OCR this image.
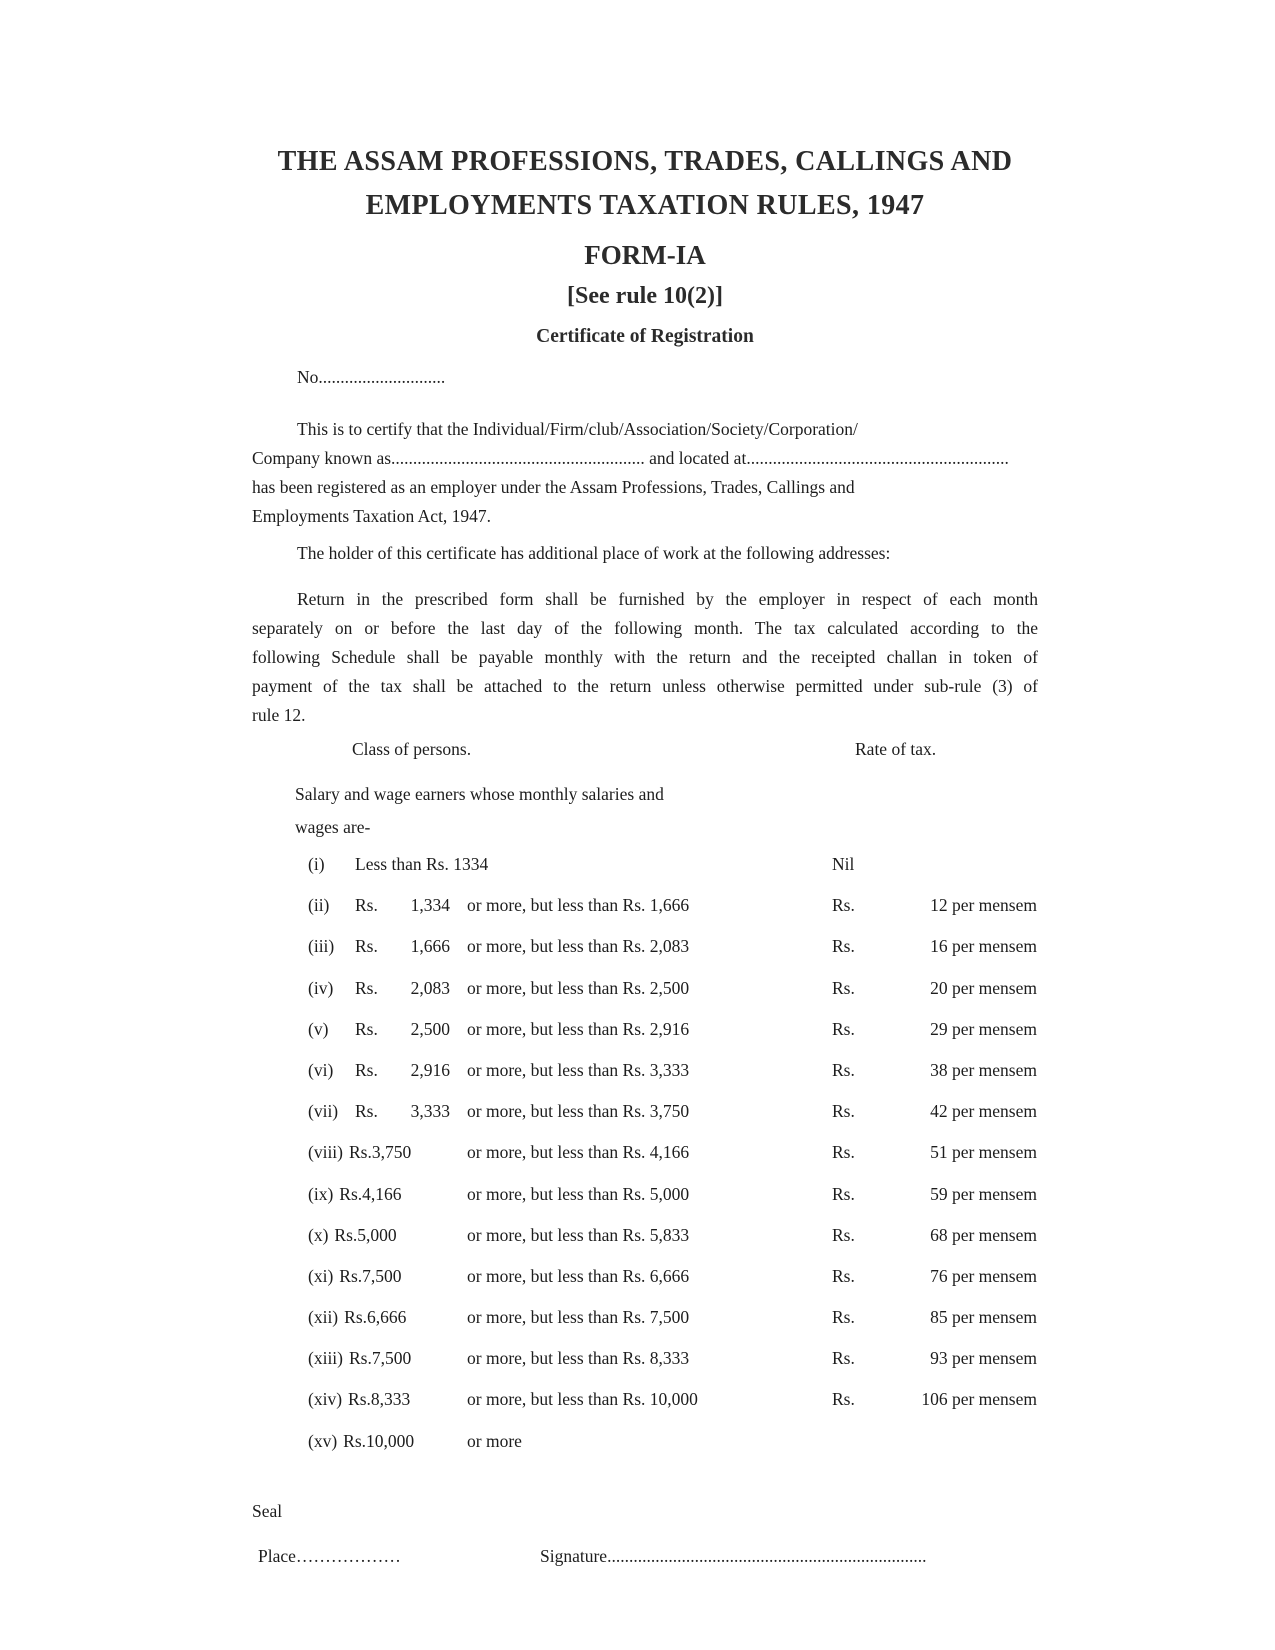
THE ASSAM PROFESSIONS, TRADES, CALLINGS AND
EMPLOYMENTS TAXATION RULES, 1947
FORM-IA
[See rule 10(2)]
Certificate of Registration
No.............................
This is to certify that the Individual/Firm/club/Association/Society/Corporation/
Company known as.......................................................... and located at............................................................
has been registered as an employer under the Assam Professions, Trades, Callings and
Employments Taxation Act, 1947.
The holder of this certificate has additional place of work at the following addresses:
Return in the prescribed form shall be furnished by the employer in respect of each month
separately on or before the last day of the following month. The tax calculated according to the
following Schedule shall be payable monthly with the return and the receipted challan in token of
payment of the tax shall be attached to the return unless otherwise permitted under sub-rule (3) of
rule 12.
Class of persons.	Rate of tax.
Salary and wage earners whose monthly salaries and
wages are-
(i)	Less than Rs. 1334	Nil
(ii)	Rs.	1,334 or more, but less than Rs. 1,666	Rs.	12 per mensem
(iii)	Rs.	1,666 or more, but less than Rs. 2,083	Rs.	16 per mensem
(iv)	Rs.	2,083 or more, but less than Rs. 2,500	Rs.	20 per mensem
(v)	Rs.	2,500 or more, but less than Rs. 2,916	Rs.	29 per mensem
(vi)	Rs.	2,916 or more, but less than Rs. 3,333	Rs.	38 per mensem
(vii) Rs.	3,333 or more, but less than Rs. 3,750	Rs.	42 per mensem
(viii) Rs.3,750	or more, but less than Rs. 4,166	Rs.	51 per mensem
(ix) Rs.4,166	or more, but less than Rs. 5,000	Rs.	59 per mensem
(x) Rs.5,000	or more, but less than Rs. 5,833	Rs.	68 per mensem
(xi) Rs.7,500	or more, but less than Rs. 6,666	Rs.	76 per mensem
(xii) Rs.6,666	or more, but less than Rs. 7,500	Rs.	85 per mensem
(xiii) Rs.7,500	or more, but less than Rs. 8,333	Rs.	93 per mensem
(xiv) Rs.8,333	or more, but less than Rs. 10,000	Rs.	106 per mensem
(xv) Rs.10,000	or more
Seal
Place………………	Signature.........................................................................
